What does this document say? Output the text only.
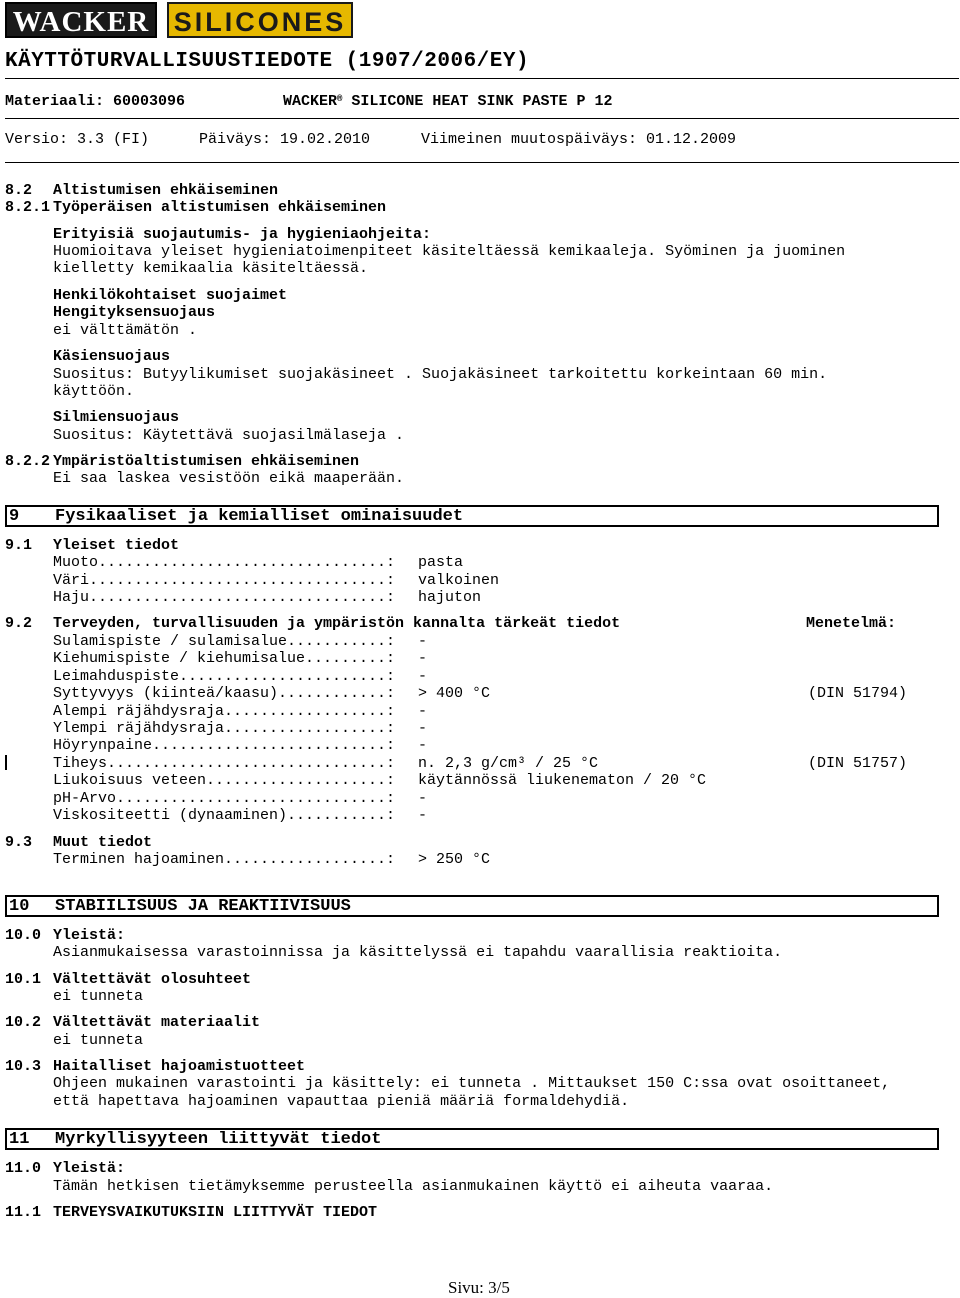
WACKER SILICONES
KÄYTTÖTURVALLISUUSTIEDOTE (1907/2006/EY)
Materiaali: 60003096	WACKER® SILICONE HEAT SINK PASTE P 12
Versio: 3.3 (FI)	Päiväys: 19.02.2010	Viimeinen muutospäiväys: 01.12.2009
8.2 Altistumisen ehkäiseminen
8.2.1 Työperäisen altistumisen ehkäiseminen
Erityisiä suojautumis- ja hygieniaohjeita:
Huomioitava yleiset hygieniatoimenpiteet käsiteltäessä kemikaaleja. Syöminen ja juominen
kielletty kemikaalia käsiteltäessä.
Henkilökohtaiset suojaimet
Hengityksensuojaus
ei välttämätön .
Käsiensuojaus
Suositus: Butyylikumiset suojakäsineet . Suojakäsineet tarkoitettu korkeintaan 60 min.
käyttöön.
Silmiensuojaus
Suositus: Käytettävä suojasilmälaseja .
8.2.2 Ympäristöaltistumisen ehkäiseminen
Ei saa laskea vesistöön eikä maaperään.
9 Fysikaaliset ja kemialliset ominaisuudet
9.1 Yleiset tiedot
Muoto................................: pasta
Väri.................................: valkoinen
Haju.................................: hajuton
9.2 Terveyden, turvallisuuden ja ympäristön kannalta tärkeät tiedot	Menetelmä:
Sulamispiste / sulamisalue...........: -
Kiehumispiste / kiehumisalue.........: -
Leimahduspiste.......................: -
Syttyvyys (kiinteä/kaasu)............: > 400 °C	(DIN 51794)
Alempi räjähdysraja..................: -
Ylempi räjähdysraja..................: -
Höyrynpaine..........................: -
Tiheys...............................: n. 2,3 g/cm³ / 25 °C	(DIN 51757)
Liukoisuus veteen....................: käytännössä liukenematon / 20 °C
pH-Arvo..............................: -
Viskositeetti (dynaaminen)...........: -
9.3 Muut tiedot
Terminen hajoaminen..................: > 250 °C
10 STABIILISUUS JA REAKTIIVISUUS
10.0 Yleistä:
Asianmukaisessa varastoinnissa ja käsittelyssä ei tapahdu vaarallisia reaktioita.
10.1 Vältettävät olosuhteet
ei tunneta
10.2 Vältettävät materiaalit
ei tunneta
10.3 Haitalliset hajoamistuotteet
Ohjeen mukainen varastointi ja käsittely: ei tunneta . Mittaukset 150 C:ssa ovat osoittaneet,
että hapettava hajoaminen vapauttaa pieniä määriä formaldehydiä.
11 Myrkyllisyyteen liittyvät tiedot
11.0 Yleistä:
Tämän hetkisen tietämyksemme perusteella asianmukainen käyttö ei aiheuta vaaraa.
11.1 TERVEYSVAIKUTUKSIIN LIITTYVÄT TIEDOT
Sivu: 3/5
